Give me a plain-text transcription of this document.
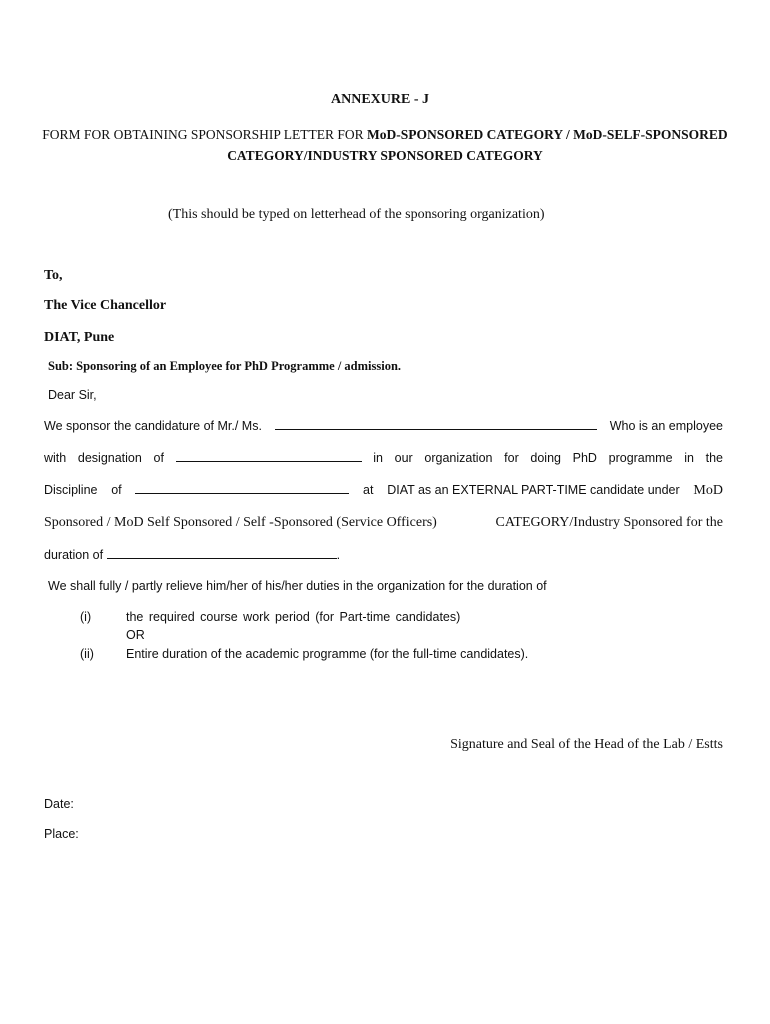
ANNEXURE - J
FORM FOR OBTAINING SPONSORSHIP LETTER FOR MoD-SPONSORED CATEGORY / MoD-SELF-SPONSORED CATEGORY/INDUSTRY SPONSORED CATEGORY
(This should be typed on letterhead of the sponsoring organization)
To,
The Vice Chancellor
DIAT, Pune
Sub: Sponsoring of an Employee for PhD Programme / admission.
Dear Sir,
We sponsor the candidature of Mr./ Ms.	Who is an employee
with designation of	in our organization for doing PhD programme in the
Discipline of	at DIAT as an EXTERNAL PART-TIME candidate under MoD
Sponsored / MoD Self Sponsored / Self -Sponsored (Service Officers)	CATEGORY/Industry Sponsored for the
duration of	.
We shall fully / partly relieve him/her of his/her duties in the organization for the duration of
(i)	the required course work period (for Part-time candidates)
OR
(ii)	Entire duration of the academic programme (for the full-time candidates).
Signature and Seal of the Head of the Lab / Estts
Date:
Place:
